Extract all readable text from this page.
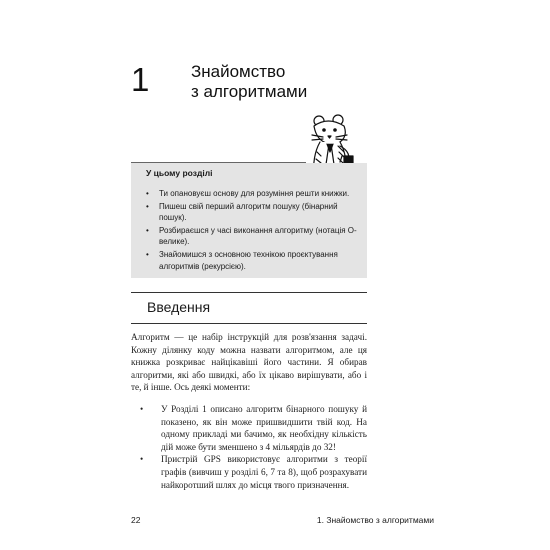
1 Знайомство
з алгоритмами
У цьому розділі
• Ти опановуєш основу для розуміння решти книжки.
• Пишеш свій перший алгоритм пошуку (бінарний пошук).
• Розбираєшся у часі виконання алгоритму (нотація О-велике).
• Знайомишся з основною технікою проєктування алгоритмів (рекурсією).
Введення

Алгоритм — це набір інструкцій для розв'язання задачі. Кожну ділянку коду можна назвати алгоритмом, але ця книжка розкриває найцікавіші його частини. Я обирав алгоритми, які або швидкі, або їх цікаво вирішувати, або і те, й інше. Ось деякі моменти:

• У Розділі 1 описано алгоритм бінарного пошуку й показено, як він може пришвидшити твій код. На одному прикладі ми бачимо, як необхідну кількість дій може бути зменшено з 4 мільярдів до 32!
• Пристрій GPS використовує алгоритми з теорії графів (вивчиш у розділі 6, 7 та 8), щоб розрахувати найкоротший шлях до місця твого призначення.
22	1. Знайомство з алгоритмами
